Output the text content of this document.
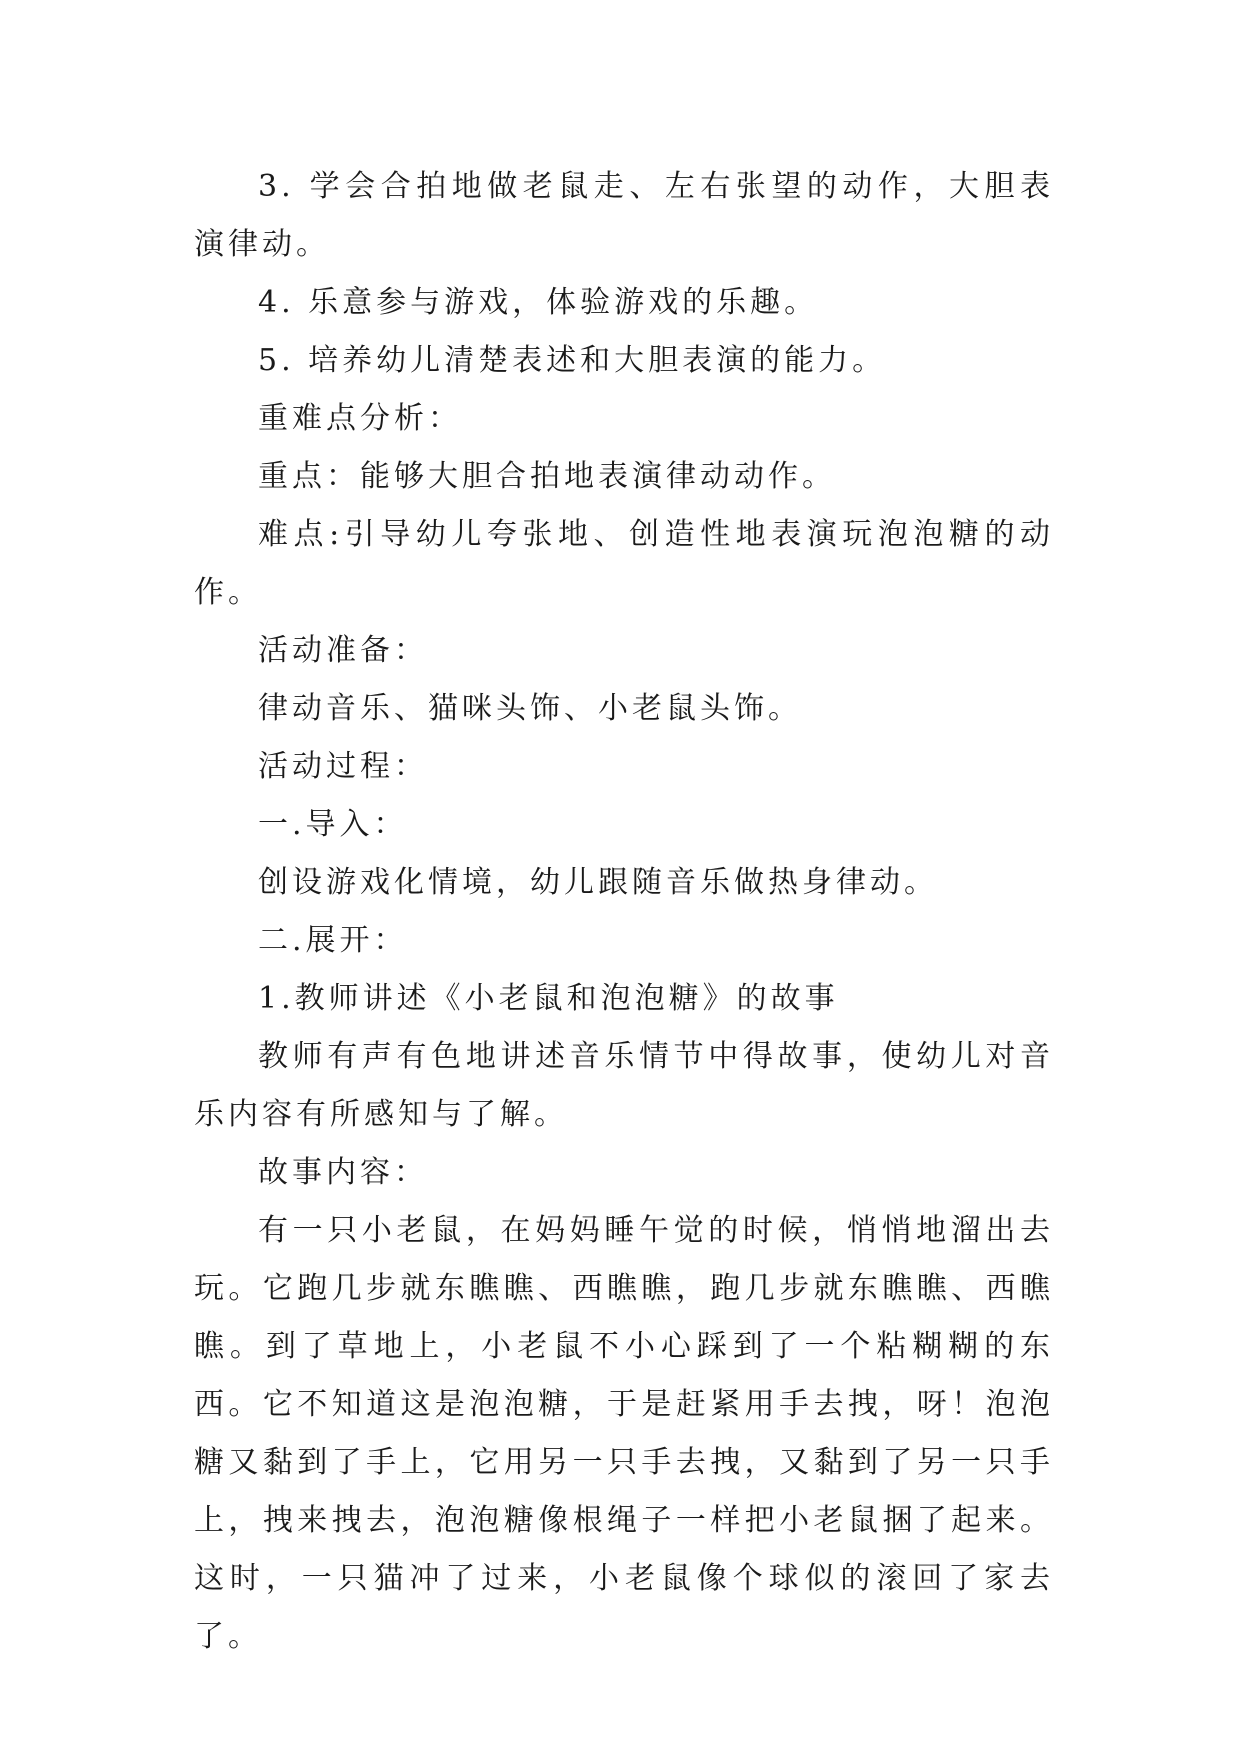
3. 学会合拍地做老鼠走、左右张望的动作，大胆表演律动。

4. 乐意参与游戏，体验游戏的乐趣。

5. 培养幼儿清楚表述和大胆表演的能力。

重难点分析：

重点：能够大胆合拍地表演律动动作。

难点:引导幼儿夸张地、创造性地表演玩泡泡糖的动作。

活动准备：

律动音乐、猫咪头饰、小老鼠头饰。

活动过程：

一.导入：

创设游戏化情境，幼儿跟随音乐做热身律动。

二.展开：

1.教师讲述《小老鼠和泡泡糖》的故事

教师有声有色地讲述音乐情节中得故事，使幼儿对音乐内容有所感知与了解。

故事内容：

有一只小老鼠，在妈妈睡午觉的时候，悄悄地溜出去玩。它跑几步就东瞧瞧、西瞧瞧，跑几步就东瞧瞧、西瞧瞧。到了草地上，小老鼠不小心踩到了一个粘糊糊的东西。它不知道这是泡泡糖，于是赶紧用手去拽，呀！泡泡糖又黏到了手上，它用另一只手去拽，又黏到了另一只手上，拽来拽去，泡泡糖像根绳子一样把小老鼠捆了起来。这时，一只猫冲了过来，小老鼠像个球似的滚回了家去了。
